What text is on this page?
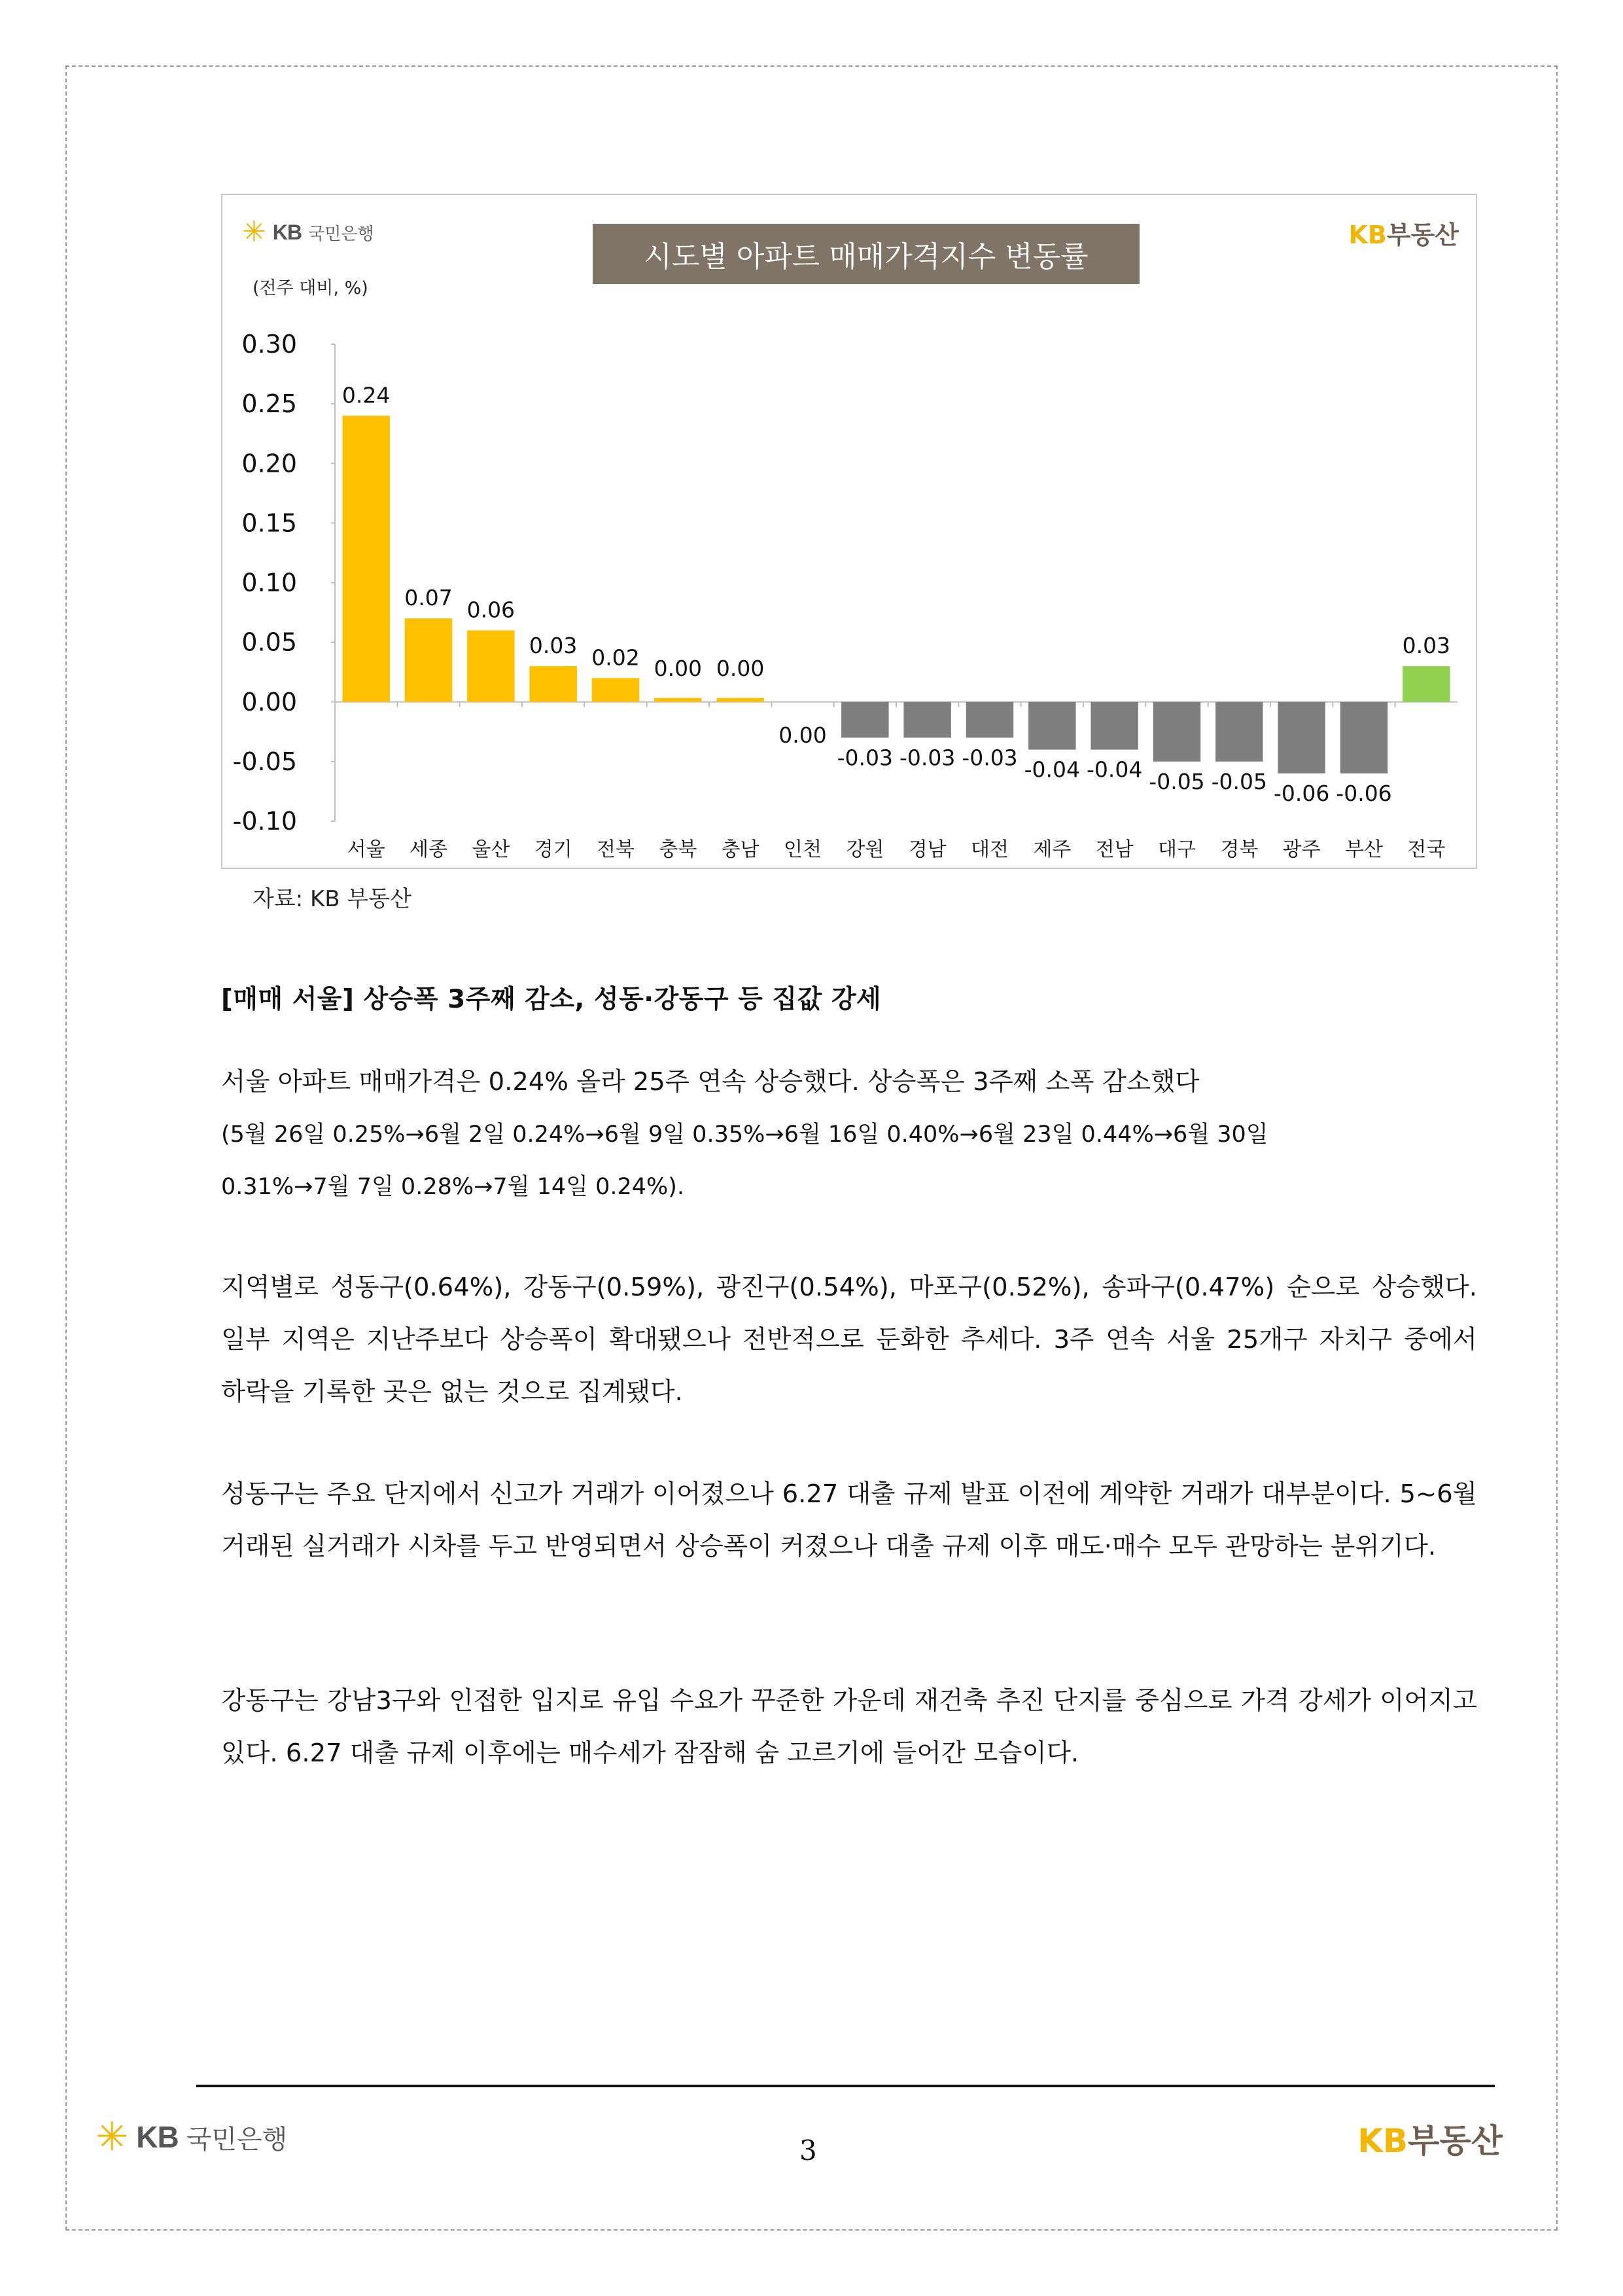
✳ KB 국민은행
시도별 아파트 매매가격지수 변동률
KB부동산
(전주 대비, %)
0.30
0.25
0.20
0.15
0.10
0.05
0.00
-0.05
-0.10
0.24
서울
0.07
세종
0.06
울산
0.03
경기
0.02
전북
0.00
충북
0.00
충남
0.00
인천
-0.03
강원
-0.03
경남
-0.03
대전
-0.04
제주
-0.04
전남
-0.05
대구
-0.05
경북
-0.06
광주
-0.06
부산
0.03
전국
자료: KB 부동산
[매매 서울] 상승폭 3주째 감소, 성동·강동구 등 집값 강세
서울 아파트 매매가격은 0.24% 올라 25주 연속 상승했다. 상승폭은 3주째 소폭 감소했다
(5월 26일 0.25%→6월 2일 0.24%→6월 9일 0.35%→6월 16일 0.40%→6월 23일 0.44%→6월 30일
0.31%→7월 7일 0.28%→7월 14일 0.24%).
지역별로 성동구(0.64%), 강동구(0.59%), 광진구(0.54%), 마포구(0.52%), 송파구(0.47%) 순으로 상승했다. 일부 지역은 지난주보다 상승폭이 확대됐으나 전반적으로 둔화한 추세다. 3주 연속 서울 25개구 자치구 중에서 하락을 기록한 곳은 없는 것으로 집계됐다.
성동구는 주요 단지에서 신고가 거래가 이어졌으나 6.27 대출 규제 발표 이전에 계약한 거래가 대부분이다. 5~6월 거래된 실거래가 시차를 두고 반영되면서 상승폭이 커졌으나 대출 규제 이후 매도·매수 모두 관망하는 분위기다.
강동구는 강남3구와 인접한 입지로 유입 수요가 꾸준한 가운데 재건축 추진 단지를 중심으로 가격 강세가 이어지고 있다. 6.27 대출 규제 이후에는 매수세가 잠잠해 숨 고르기에 들어간 모습이다.
✳ KB 국민은행	3	KB부동산
